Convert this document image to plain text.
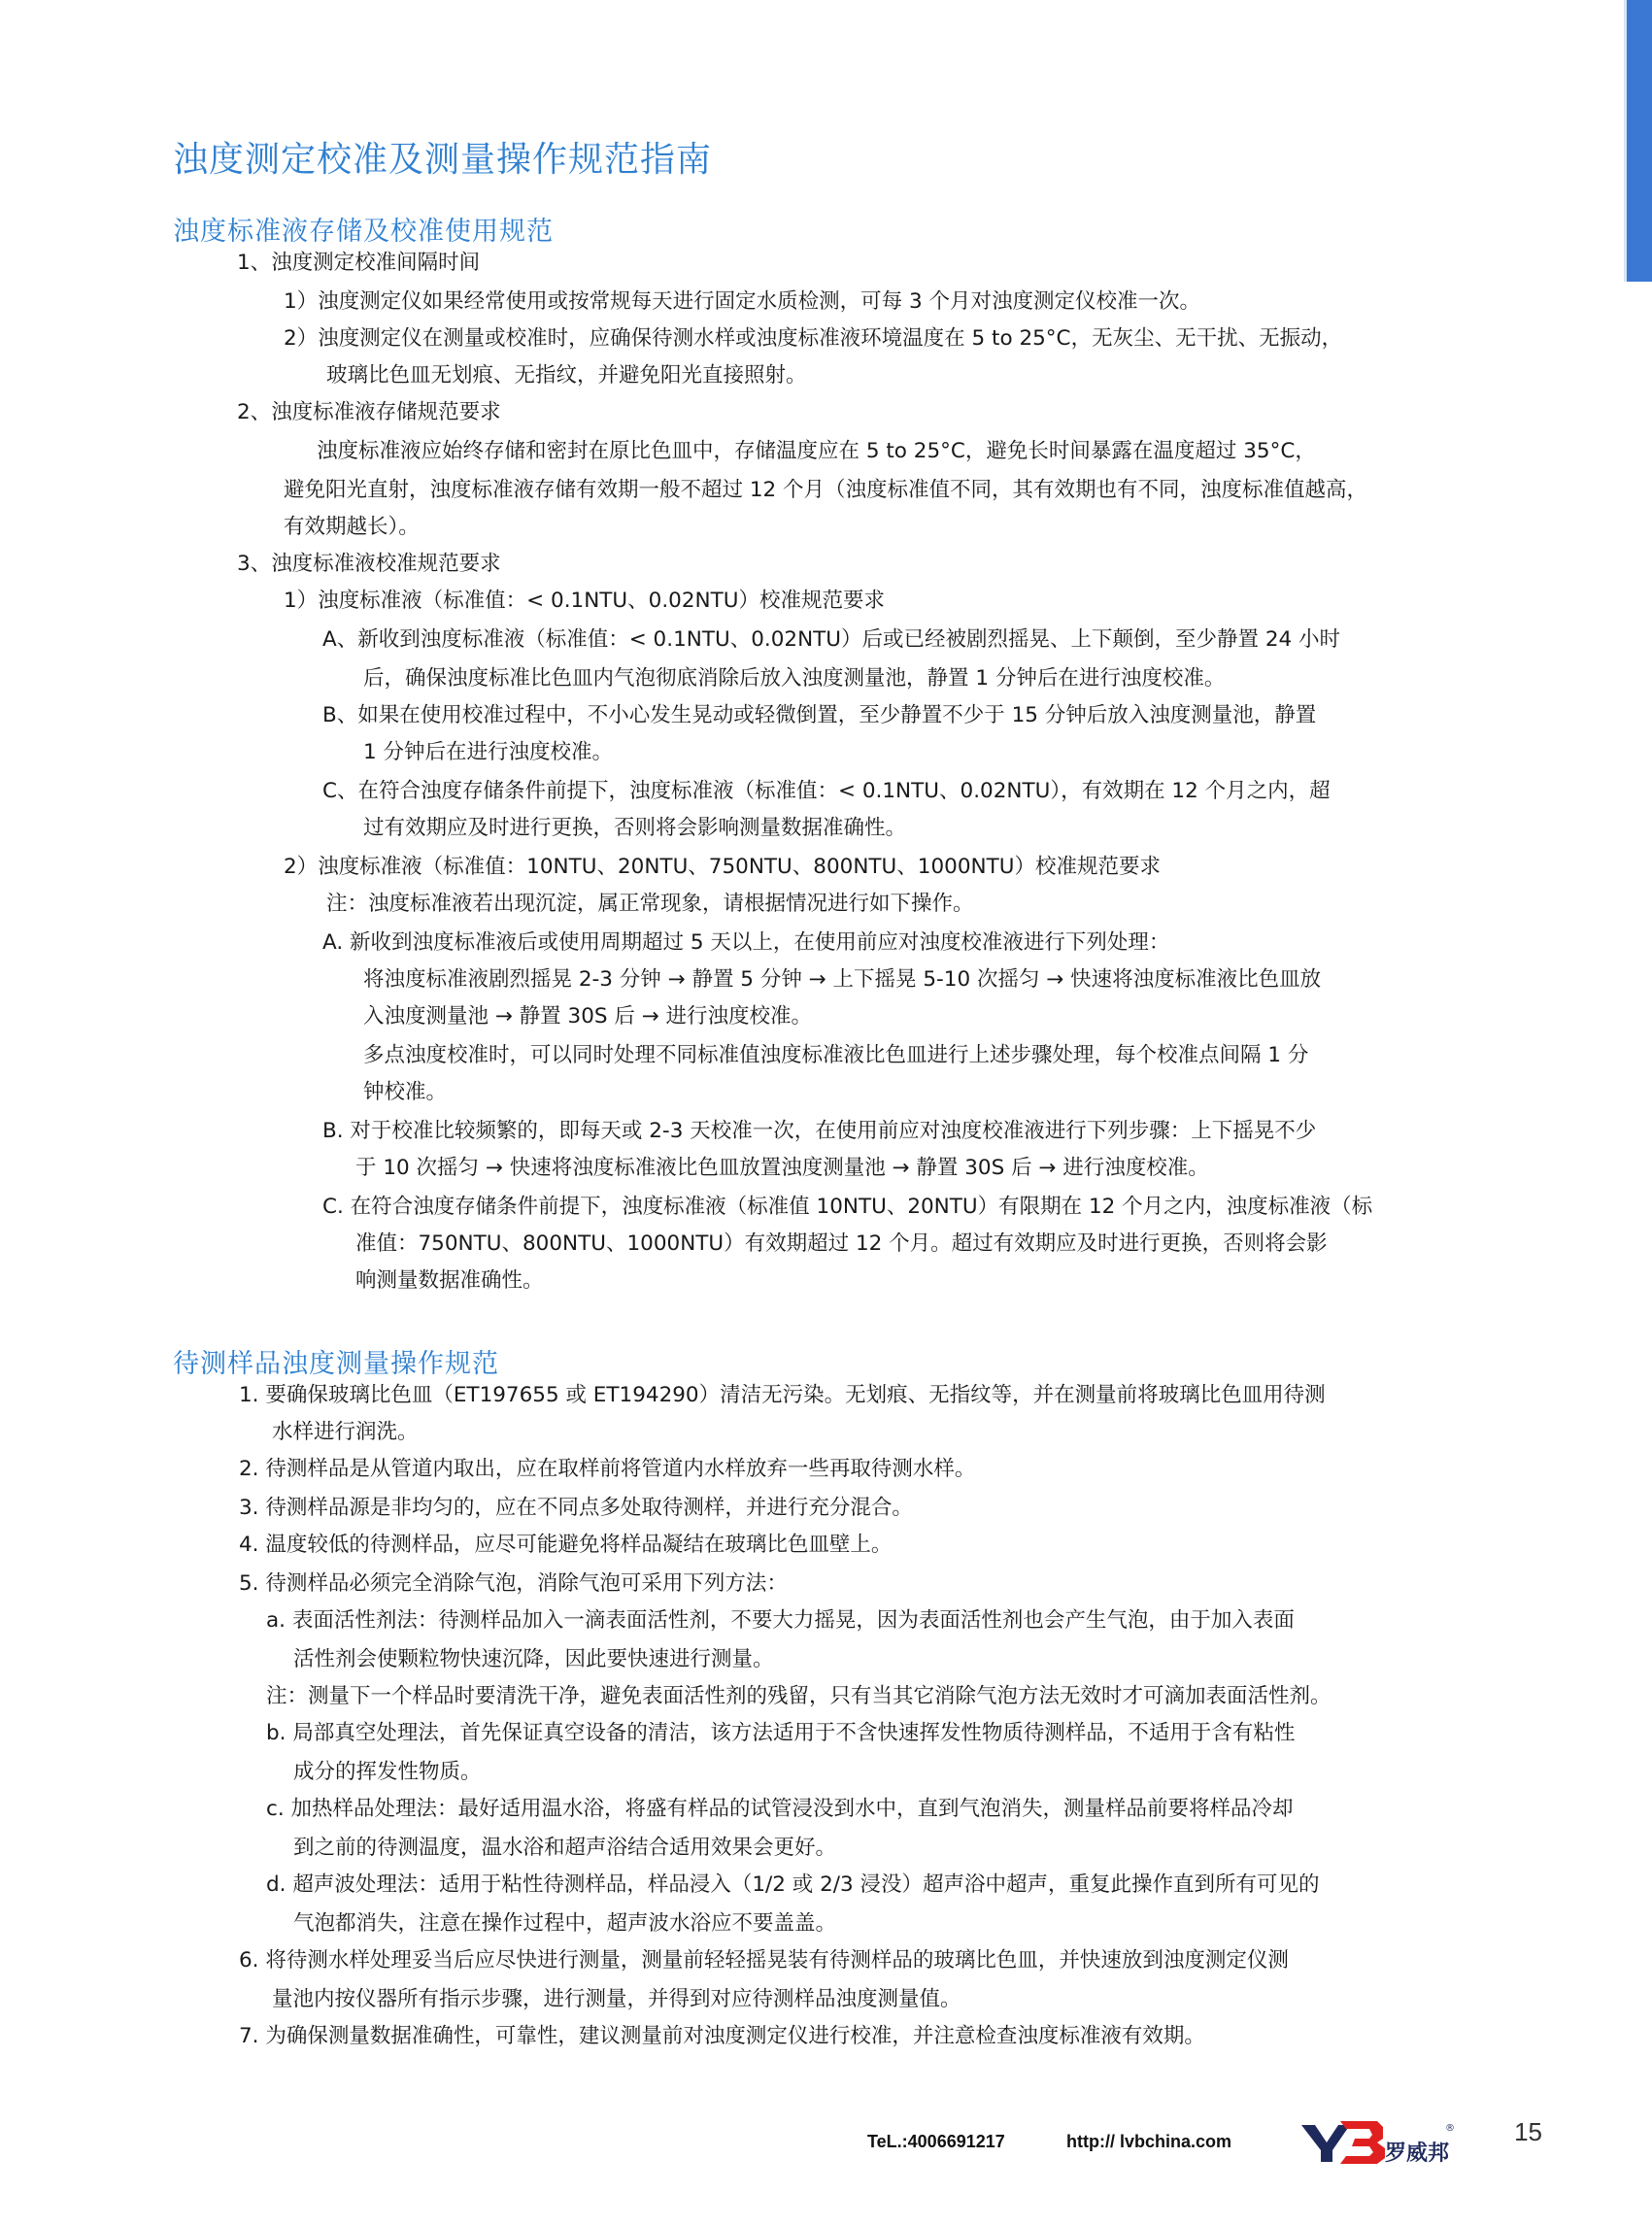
浊度测定校准及测量操作规范指南
浊度标准液存储及校准使用规范
1、浊度测定校准间隔时间
1）浊度测定仪如果经常使用或按常规每天进行固定水质检测，可每 3 个月对浊度测定仪校准一次。
2）浊度测定仪在测量或校准时，应确保待测水样或浊度标准液环境温度在 5 to 25°C，无灰尘、无干扰、无振动，
玻璃比色皿无划痕、无指纹，并避免阳光直接照射。
2、浊度标准液存储规范要求
浊度标准液应始终存储和密封在原比色皿中，存储温度应在 5 to 25°C，避免长时间暴露在温度超过 35°C，
避免阳光直射，浊度标准液存储有效期一般不超过 12 个月（浊度标准值不同，其有效期也有不同，浊度标准值越高，
有效期越长）。
3、浊度标准液校准规范要求
1）浊度标准液（标准值：< 0.1NTU、0.02NTU）校准规范要求
A、新收到浊度标准液（标准值：< 0.1NTU、0.02NTU）后或已经被剧烈摇晃、上下颠倒，至少静置 24 小时
后，确保浊度标准比色皿内气泡彻底消除后放入浊度测量池，静置 1 分钟后在进行浊度校准。
B、如果在使用校准过程中，不小心发生晃动或轻微倒置，至少静置不少于 15 分钟后放入浊度测量池，静置
1 分钟后在进行浊度校准。
C、在符合浊度存储条件前提下，浊度标准液（标准值：< 0.1NTU、0.02NTU），有效期在 12 个月之内，超
过有效期应及时进行更换，否则将会影响测量数据准确性。
2）浊度标准液（标准值：10NTU、20NTU、750NTU、800NTU、1000NTU）校准规范要求
注：浊度标准液若出现沉淀，属正常现象，请根据情况进行如下操作。
A. 新收到浊度标准液后或使用周期超过 5 天以上，在使用前应对浊度校准液进行下列处理：
将浊度标准液剧烈摇晃 2-3 分钟 → 静置 5 分钟 → 上下摇晃 5-10 次摇匀 → 快速将浊度标准液比色皿放
入浊度测量池 → 静置 30S 后 → 进行浊度校准。
多点浊度校准时，可以同时处理不同标准值浊度标准液比色皿进行上述步骤处理，每个校准点间隔 1 分
钟校准。
B. 对于校准比较频繁的，即每天或 2-3 天校准一次，在使用前应对浊度校准液进行下列步骤：上下摇晃不少
于 10 次摇匀 → 快速将浊度标准液比色皿放置浊度测量池 → 静置 30S 后 → 进行浊度校准。
C. 在符合浊度存储条件前提下，浊度标准液（标准值 10NTU、20NTU）有限期在 12 个月之内，浊度标准液（标
准值：750NTU、800NTU、1000NTU）有效期超过 12 个月。超过有效期应及时进行更换，否则将会影
响测量数据准确性。
待测样品浊度测量操作规范
1. 要确保玻璃比色皿（ET197655 或 ET194290）清洁无污染。无划痕、无指纹等，并在测量前将玻璃比色皿用待测
水样进行润洗。
2. 待测样品是从管道内取出，应在取样前将管道内水样放弃一些再取待测水样。
3. 待测样品源是非均匀的，应在不同点多处取待测样，并进行充分混合。
4. 温度较低的待测样品，应尽可能避免将样品凝结在玻璃比色皿壁上。
5. 待测样品必须完全消除气泡，消除气泡可采用下列方法：
a. 表面活性剂法：待测样品加入一滴表面活性剂，不要大力摇晃，因为表面活性剂也会产生气泡，由于加入表面
活性剂会使颗粒物快速沉降，因此要快速进行测量。
注：测量下一个样品时要清洗干净，避免表面活性剂的残留，只有当其它消除气泡方法无效时才可滴加表面活性剂。
b. 局部真空处理法，首先保证真空设备的清洁，该方法适用于不含快速挥发性物质待测样品，不适用于含有粘性
成分的挥发性物质。
c. 加热样品处理法：最好适用温水浴，将盛有样品的试管浸没到水中，直到气泡消失，测量样品前要将样品冷却
到之前的待测温度，温水浴和超声浴结合适用效果会更好。
d. 超声波处理法：适用于粘性待测样品，样品浸入（1/2 或 2/3 浸没）超声浴中超声，重复此操作直到所有可见的
气泡都消失，注意在操作过程中，超声波水浴应不要盖盖。
6. 将待测水样处理妥当后应尽快进行测量，测量前轻轻摇晃装有待测样品的玻璃比色皿，并快速放到浊度测定仪测
量池内按仪器所有指示步骤，进行测量，并得到对应待测样品浊度测量值。
7. 为确保测量数据准确性，可靠性，建议测量前对浊度测定仪进行校准，并注意检查浊度标准液有效期。
TeL.:4006691217	http:// lvbchina.com	罗威邦
® 15
